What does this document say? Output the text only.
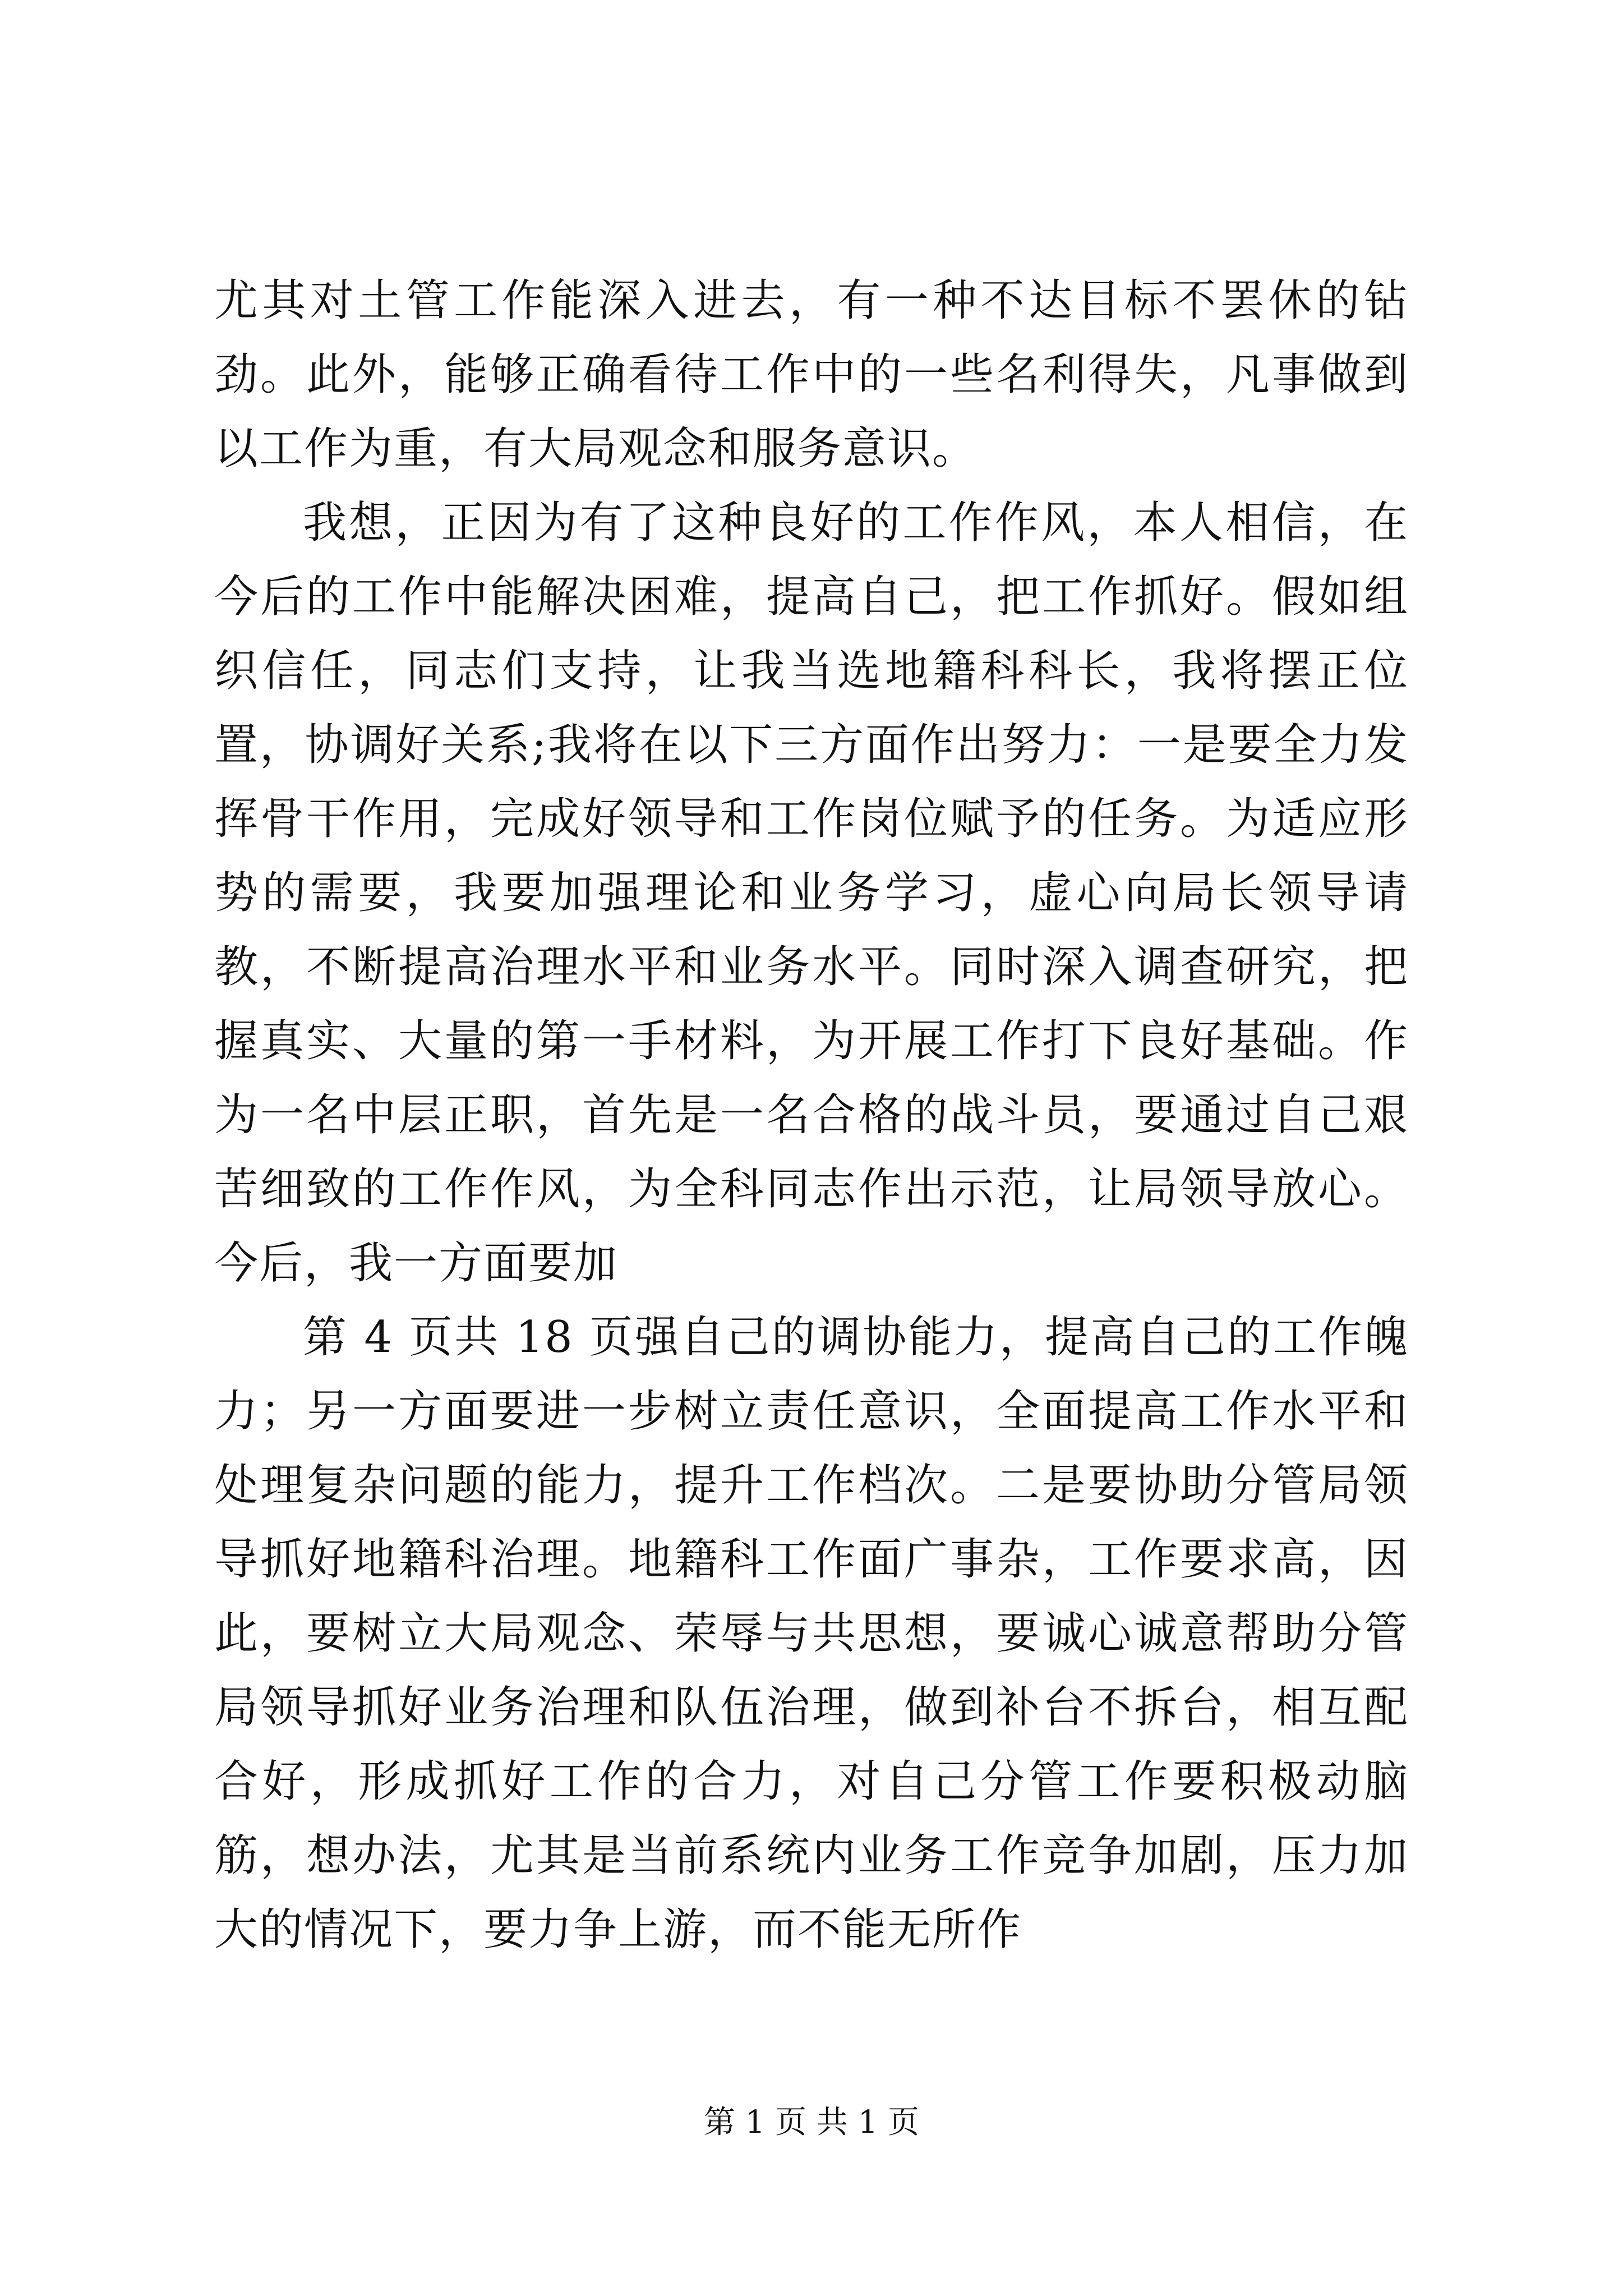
尤其对土管工作能深入进去，有一种不达目标不罢休的钻劲。此外，能够正确看待工作中的一些名利得失，凡事做到以工作为重，有大局观念和服务意识。

我想，正因为有了这种良好的工作作风，本人相信，在今后的工作中能解决困难，提高自己，把工作抓好。假如组织信任，同志们支持，让我当选地籍科科长，我将摆正位置，协调好关系;我将在以下三方面作出努力：一是要全力发挥骨干作用，完成好领导和工作岗位赋予的任务。为适应形势的需要，我要加强理论和业务学习，虚心向局长领导请教，不断提高治理水平和业务水平。同时深入调查研究，把握真实、大量的第一手材料，为开展工作打下良好基础。作为一名中层正职，首先是一名合格的战斗员，要通过自己艰苦细致的工作作风，为全科同志作出示范，让局领导放心。今后，我一方面要加

第 4 页共 18 页强自己的调协能力，提高自己的工作魄力；另一方面要进一步树立责任意识，全面提高工作水平和处理复杂问题的能力，提升工作档次。二是要协助分管局领导抓好地籍科治理。地籍科工作面广事杂，工作要求高，因此，要树立大局观念、荣辱与共思想，要诚心诚意帮助分管局领导抓好业务治理和队伍治理，做到补台不拆台，相互配合好，形成抓好工作的合力，对自己分管工作要积极动脑筋，想办法，尤其是当前系统内业务工作竞争加剧，压力加大的情况下，要力争上游，而不能无所作

第 1 页 共 1 页
